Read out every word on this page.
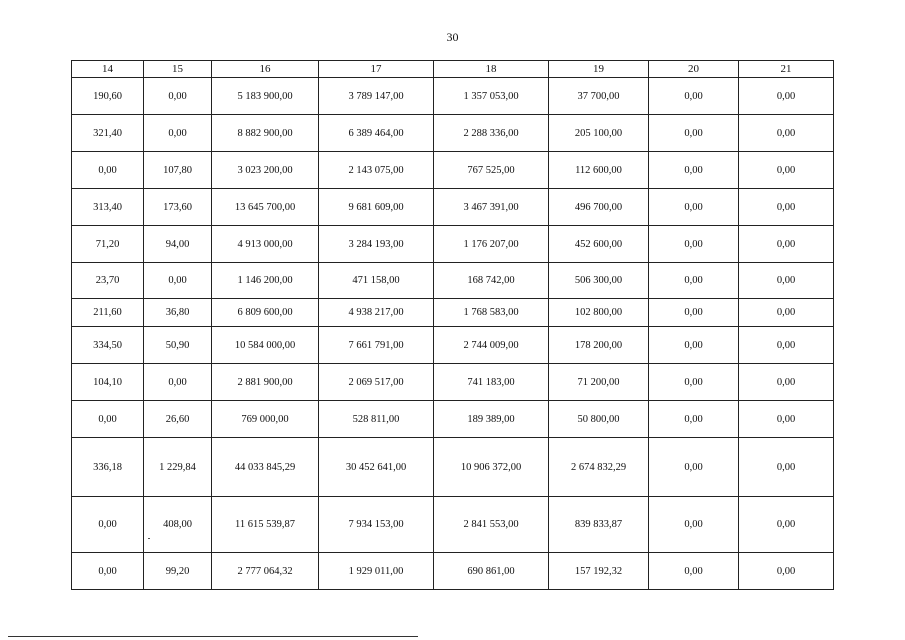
30
14	15	16	17	18	19	20	21
190,60	0,00	5 183 900,00	3 789 147,00	1 357 053,00	37 700,00	0,00	0,00
321,40	0,00	8 882 900,00	6 389 464,00	2 288 336,00	205 100,00	0,00	0,00
0,00	107,80	3 023 200,00	2 143 075,00	767 525,00	112 600,00	0,00	0,00
313,40	173,60	13 645 700,00	9 681 609,00	3 467 391,00	496 700,00	0,00	0,00
71,20	94,00	4 913 000,00	3 284 193,00	1 176 207,00	452 600,00	0,00	0,00
23,70	0,00	1 146 200,00	471 158,00	168 742,00	506 300,00	0,00	0,00
211,60	36,80	6 809 600,00	4 938 217,00	1 768 583,00	102 800,00	0,00	0,00
334,50	50,90	10 584 000,00	7 661 791,00	2 744 009,00	178 200,00	0,00	0,00
104,10	0,00	2 881 900,00	2 069 517,00	741 183,00	71 200,00	0,00	0,00
0,00	26,60	769 000,00	528 811,00	189 389,00	50 800,00	0,00	0,00
336,18	1 229,84	44 033 845,29	30 452 641,00	10 906 372,00	2 674 832,29	0,00	0,00
0,00	408,00	11 615 539,87	7 934 153,00	2 841 553,00	839 833,87	0,00	0,00
0,00	99,20	2 777 064,32	1 929 011,00	690 861,00	157 192,32	0,00	0,00
